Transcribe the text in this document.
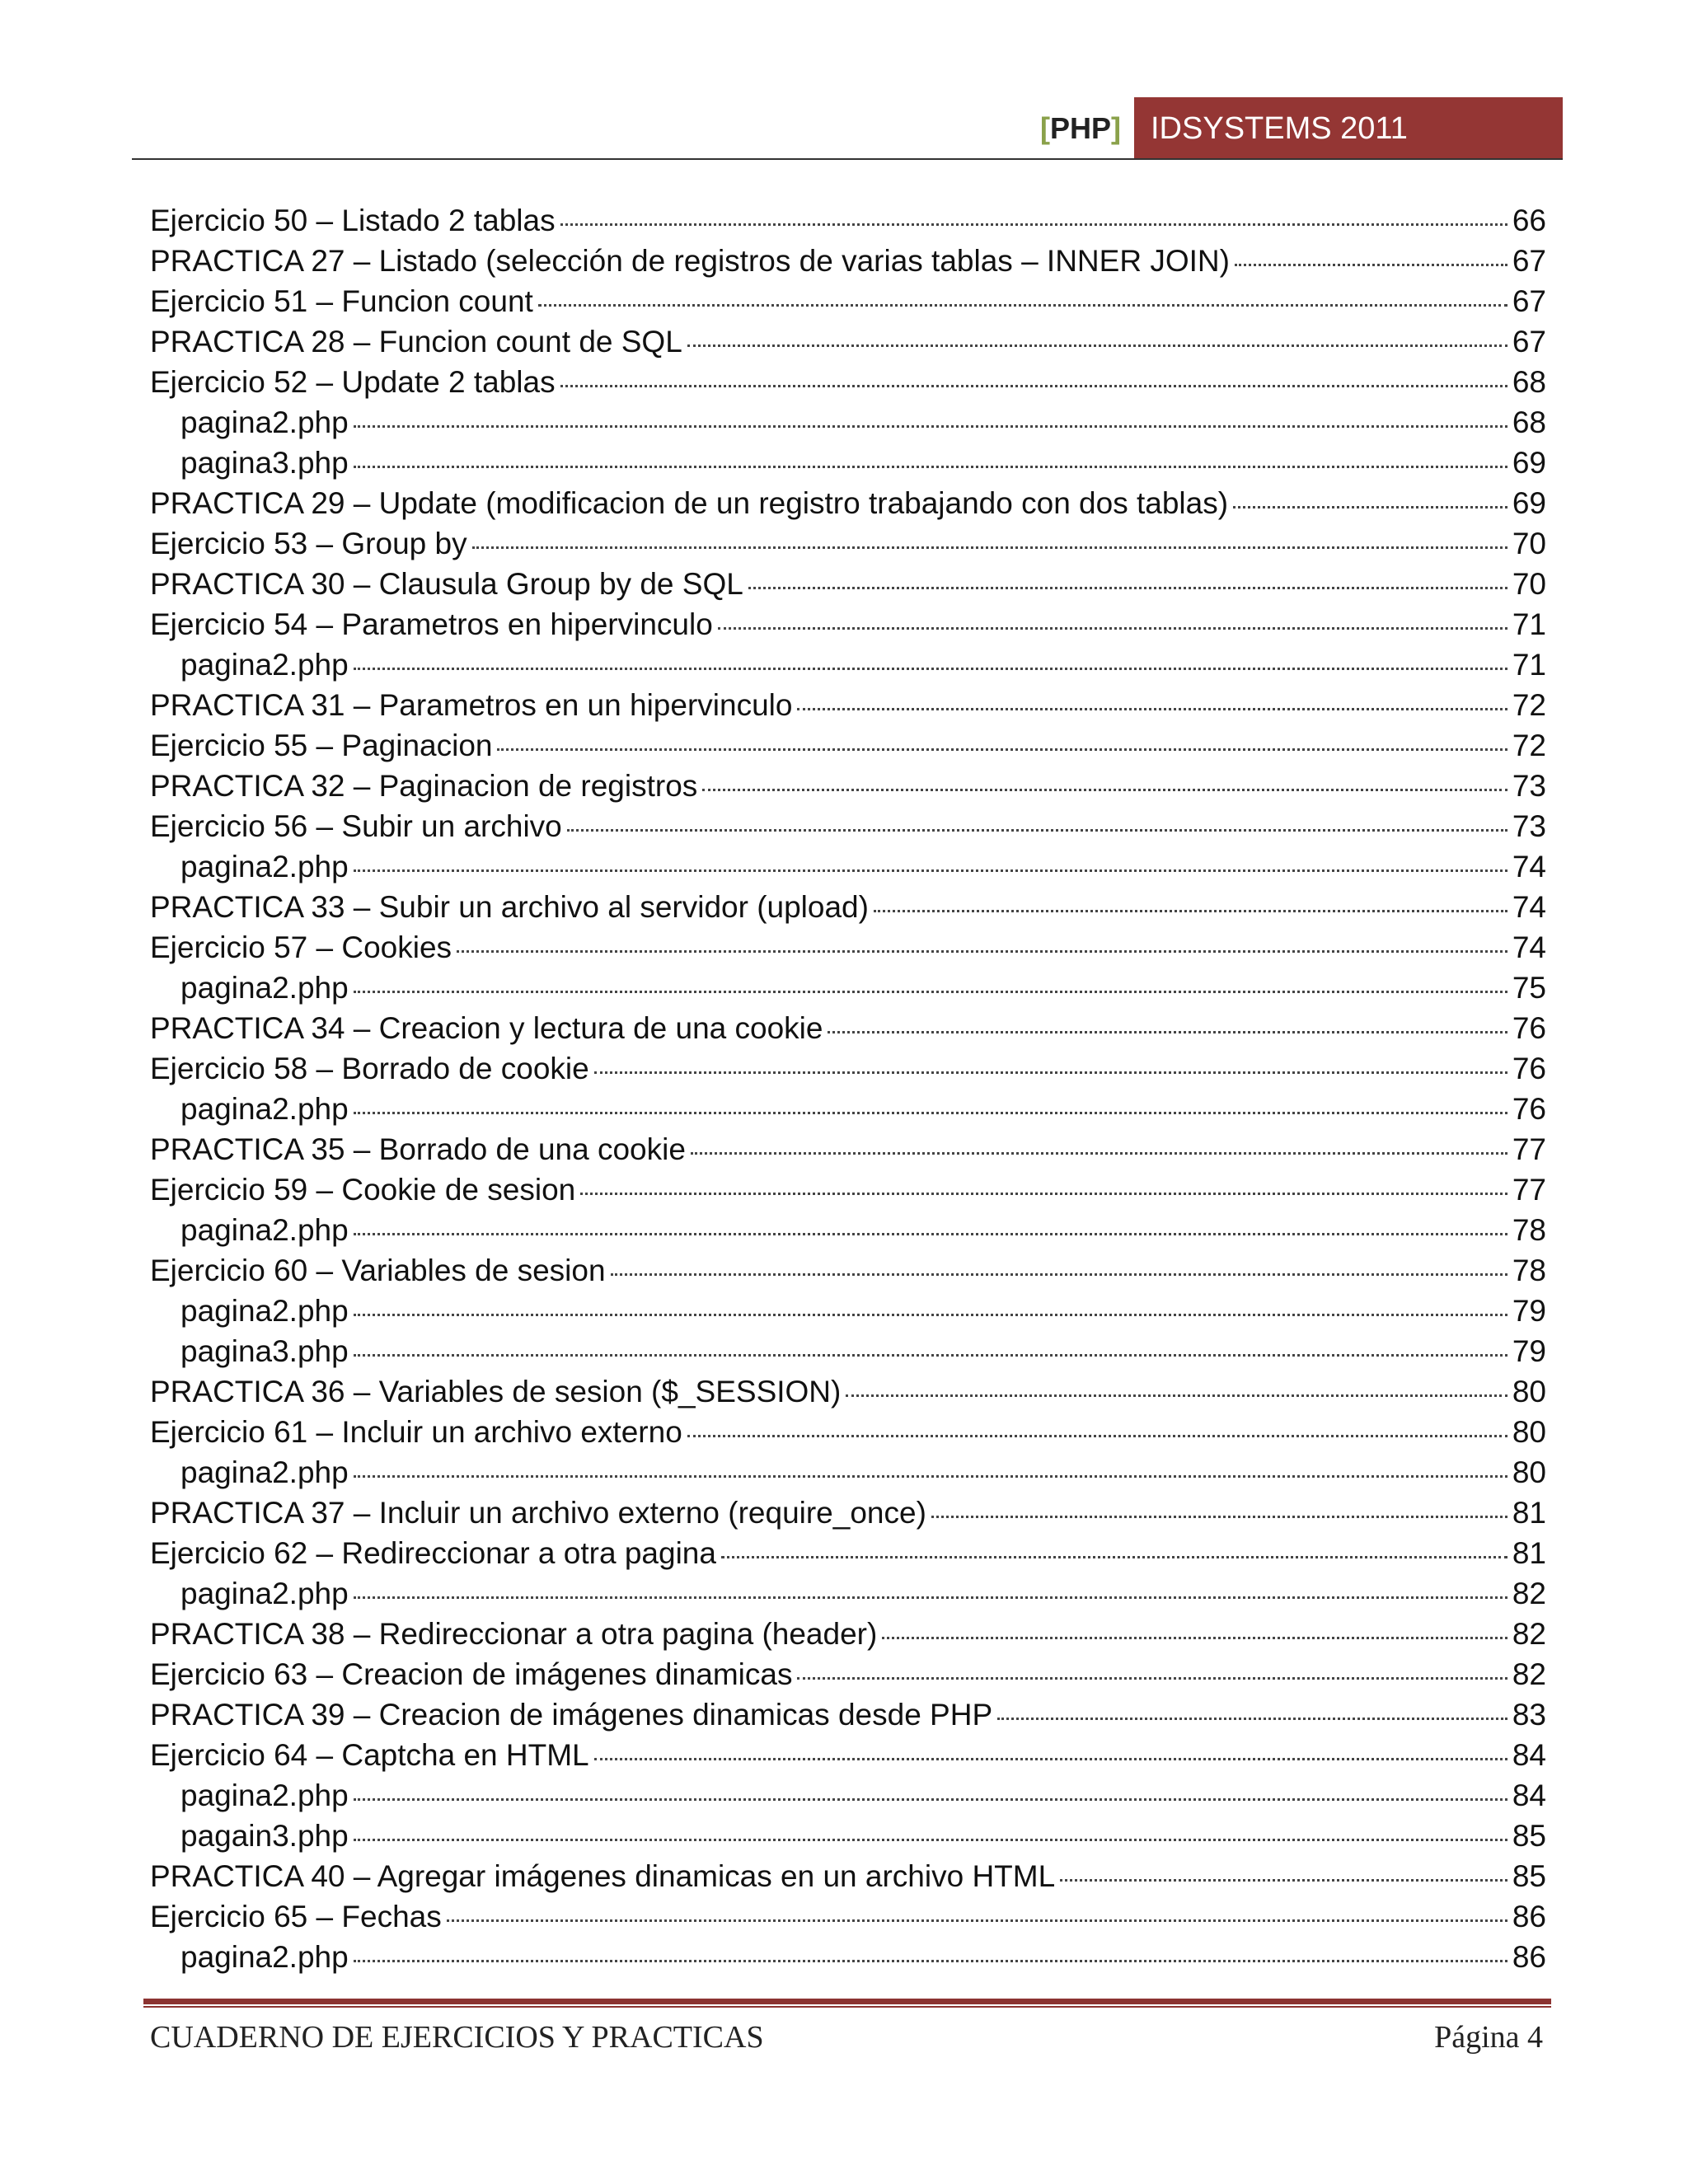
[PHP] IDSYSTEMS 2011
Ejercicio 50 – Listado 2 tablas	66
PRACTICA 27 – Listado (selección de registros de varias tablas – INNER JOIN)	67
Ejercicio 51 – Funcion count	67
PRACTICA 28 – Funcion count de SQL	67
Ejercicio 52 – Update 2 tablas	68
pagina2.php	68
pagina3.php	69
PRACTICA 29 – Update (modificacion de un registro trabajando con dos tablas)	69
Ejercicio 53 – Group by	70
PRACTICA 30 – Clausula Group by de SQL	70
Ejercicio 54 – Parametros en hipervinculo	71
pagina2.php	71
PRACTICA 31 – Parametros en un hipervinculo	72
Ejercicio 55 – Paginacion	72
PRACTICA 32 – Paginacion de registros	73
Ejercicio 56 – Subir un archivo	73
pagina2.php	74
PRACTICA 33 – Subir un archivo al servidor (upload)	74
Ejercicio 57 – Cookies	74
pagina2.php	75
PRACTICA 34 – Creacion y lectura de una cookie	76
Ejercicio 58 – Borrado de cookie	76
pagina2.php	76
PRACTICA 35 – Borrado de una cookie	77
Ejercicio 59 – Cookie de sesion	77
pagina2.php	78
Ejercicio 60 – Variables de sesion	78
pagina2.php	79
pagina3.php	79
PRACTICA 36 – Variables de sesion ($_SESSION)	80
Ejercicio 61 – Incluir un archivo externo	80
pagina2.php	80
PRACTICA 37 – Incluir un archivo externo (require_once)	81
Ejercicio 62 – Redireccionar a otra pagina	81
pagina2.php	82
PRACTICA 38 – Redireccionar a otra pagina (header)	82
Ejercicio 63 – Creacion de imágenes dinamicas	82
PRACTICA 39 – Creacion de imágenes dinamicas desde PHP	83
Ejercicio 64 – Captcha en HTML	84
pagina2.php	84
pagain3.php	85
PRACTICA 40 – Agregar imágenes dinamicas en un archivo HTML	85
Ejercicio 65 – Fechas	86
pagina2.php	86
CUADERNO DE EJERCICIOS Y PRACTICAS	Página 4
